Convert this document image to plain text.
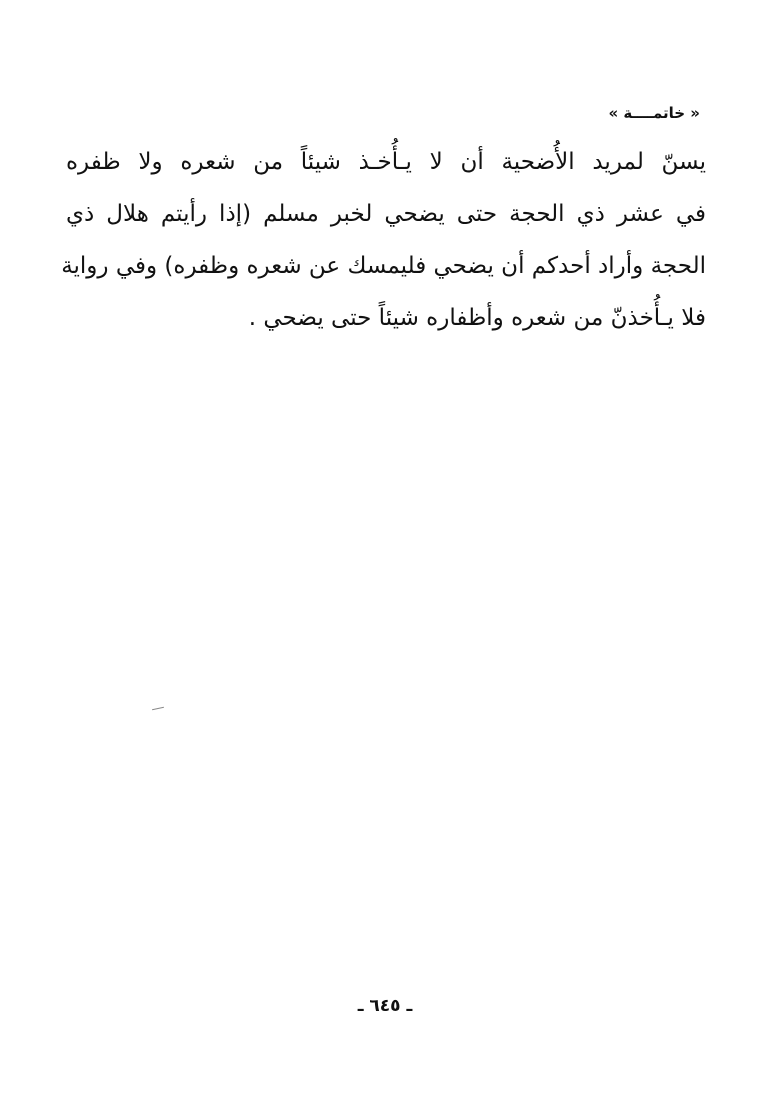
« خاتمــــة »
يسنّ لمريد الأُضحية أن لا يـأُخـذ شيئاً من شعره ولا ظفره
في عشر ذي الحجة حتى يضحي لخبر مسلم (إذا رأيتم هلال ذي
الحجة وأراد أحدكم أن يضحي فليمسك عن شعره وظفره) وفي رواية
فلا يـأُخذنّ من شعره وأظفاره شيئاً حتى يضحي .
ـ ٦٤٥ ـ
